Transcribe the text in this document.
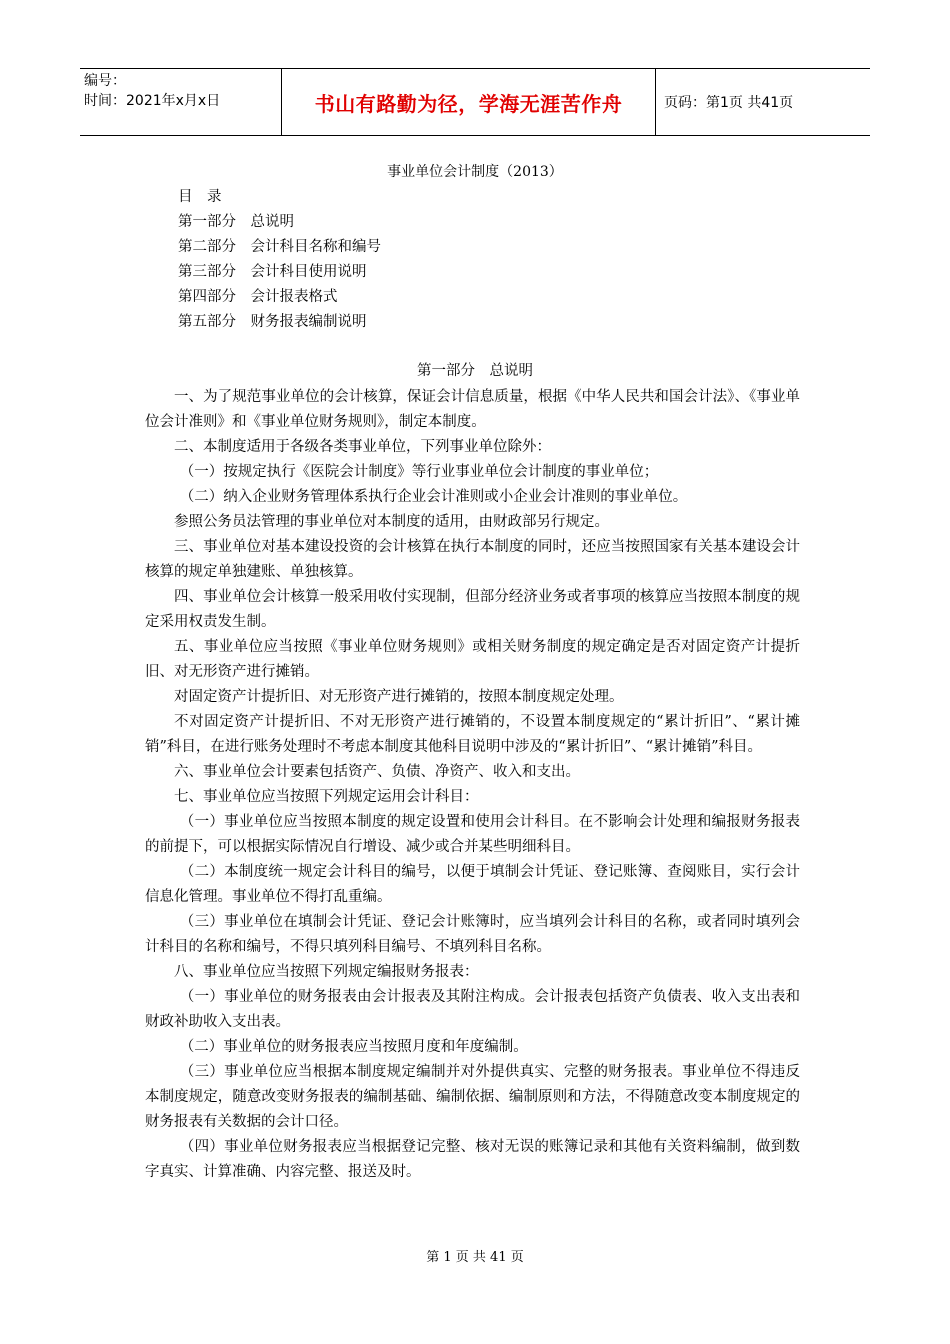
编号：
时间：2021年x月x日	书山有路勤为径，学海无涯苦作舟	页码：第1页 共41页
事业单位会计制度（2013）
目　录
第一部分　总说明
第二部分　会计科目名称和编号
第三部分　会计科目使用说明
第四部分　会计报表格式
第五部分　财务报表编制说明
第一部分　总说明

一、为了规范事业单位的会计核算，保证会计信息质量，根据《中华人民共和国会计法》、《事业单位会计准则》和《事业单位财务规则》，制定本制度。

二、本制度适用于各级各类事业单位，下列事业单位除外：

（一）按规定执行《医院会计制度》等行业事业单位会计制度的事业单位；

（二）纳入企业财务管理体系执行企业会计准则或小企业会计准则的事业单位。

参照公务员法管理的事业单位对本制度的适用，由财政部另行规定。

三、事业单位对基本建设投资的会计核算在执行本制度的同时，还应当按照国家有关基本建设会计核算的规定单独建账、单独核算。

四、事业单位会计核算一般采用收付实现制，但部分经济业务或者事项的核算应当按照本制度的规定采用权责发生制。

五、事业单位应当按照《事业单位财务规则》或相关财务制度的规定确定是否对固定资产计提折旧、对无形资产进行摊销。

对固定资产计提折旧、对无形资产进行摊销的，按照本制度规定处理。

不对固定资产计提折旧、不对无形资产进行摊销的，不设置本制度规定的“累计折旧”、“累计摊销”科目，在进行账务处理时不考虑本制度其他科目说明中涉及的“累计折旧”、“累计摊销”科目。

六、事业单位会计要素包括资产、负债、净资产、收入和支出。

七、事业单位应当按照下列规定运用会计科目：

（一）事业单位应当按照本制度的规定设置和使用会计科目。在不影响会计处理和编报财务报表的前提下，可以根据实际情况自行增设、减少或合并某些明细科目。

（二）本制度统一规定会计科目的编号，以便于填制会计凭证、登记账簿、查阅账目，实行会计信息化管理。事业单位不得打乱重编。

（三）事业单位在填制会计凭证、登记会计账簿时，应当填列会计科目的名称，或者同时填列会计科目的名称和编号，不得只填列科目编号、不填列科目名称。

八、事业单位应当按照下列规定编报财务报表：

（一）事业单位的财务报表由会计报表及其附注构成。会计报表包括资产负债表、收入支出表和财政补助收入支出表。

（二）事业单位的财务报表应当按照月度和年度编制。

（三）事业单位应当根据本制度规定编制并对外提供真实、完整的财务报表。事业单位不得违反本制度规定，随意改变财务报表的编制基础、编制依据、编制原则和方法，不得随意改变本制度规定的财务报表有关数据的会计口径。

（四）事业单位财务报表应当根据登记完整、核对无误的账簿记录和其他有关资料编制，做到数字真实、计算准确、内容完整、报送及时。

第 1 页 共 41 页
